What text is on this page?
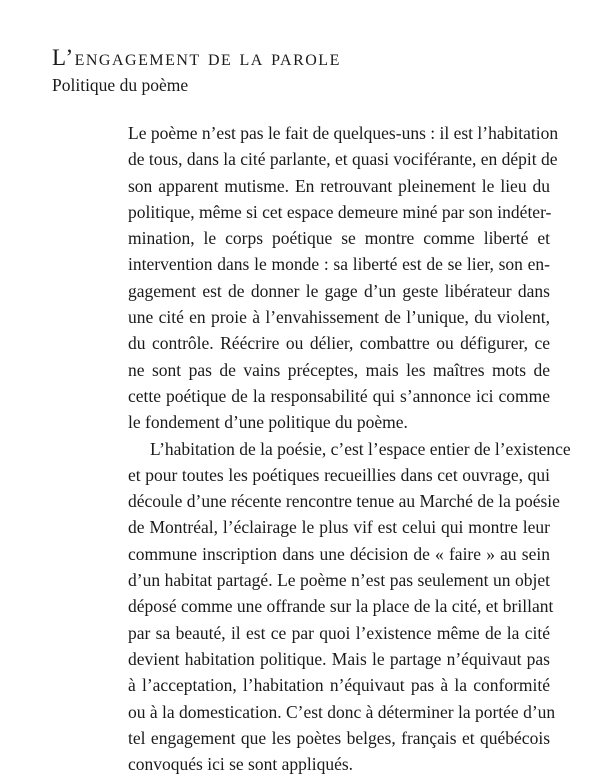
L’engagement de la parole
Politique du poème
Le poème n’est pas le fait de quelques-uns : il est l’habitation
de tous, dans la cité parlante, et quasi vociférante, en dépit de
son apparent mutisme. En retrouvant pleinement le lieu du
politique, même si cet espace demeure miné par son indéter-
mination, le corps poétique se montre comme liberté et
intervention dans le monde : sa liberté est de se lier, son en-
gagement est de donner le gage d’un geste libérateur dans
une cité en proie à l’envahissement de l’unique, du violent,
du contrôle. Réécrire ou délier, combattre ou défigurer, ce
ne sont pas de vains préceptes, mais les maîtres mots de
cette poétique de la responsabilité qui s’annonce ici comme
le fondement d’une politique du poème.
L’habitation de la poésie, c’est l’espace entier de l’existence
et pour toutes les poétiques recueillies dans cet ouvrage, qui
découle d’une récente rencontre tenue au Marché de la poésie
de Montréal, l’éclairage le plus vif est celui qui montre leur
commune inscription dans une décision de « faire » au sein
d’un habitat partagé. Le poème n’est pas seulement un objet
déposé comme une offrande sur la place de la cité, et brillant
par sa beauté, il est ce par quoi l’existence même de la cité
devient habitation politique. Mais le partage n’équivaut pas
à l’acceptation, l’habitation n’équivaut pas à la conformité
ou à la domestication. C’est donc à déterminer la portée d’un
tel engagement que les poètes belges, français et québécois
convoqués ici se sont appliqués.
